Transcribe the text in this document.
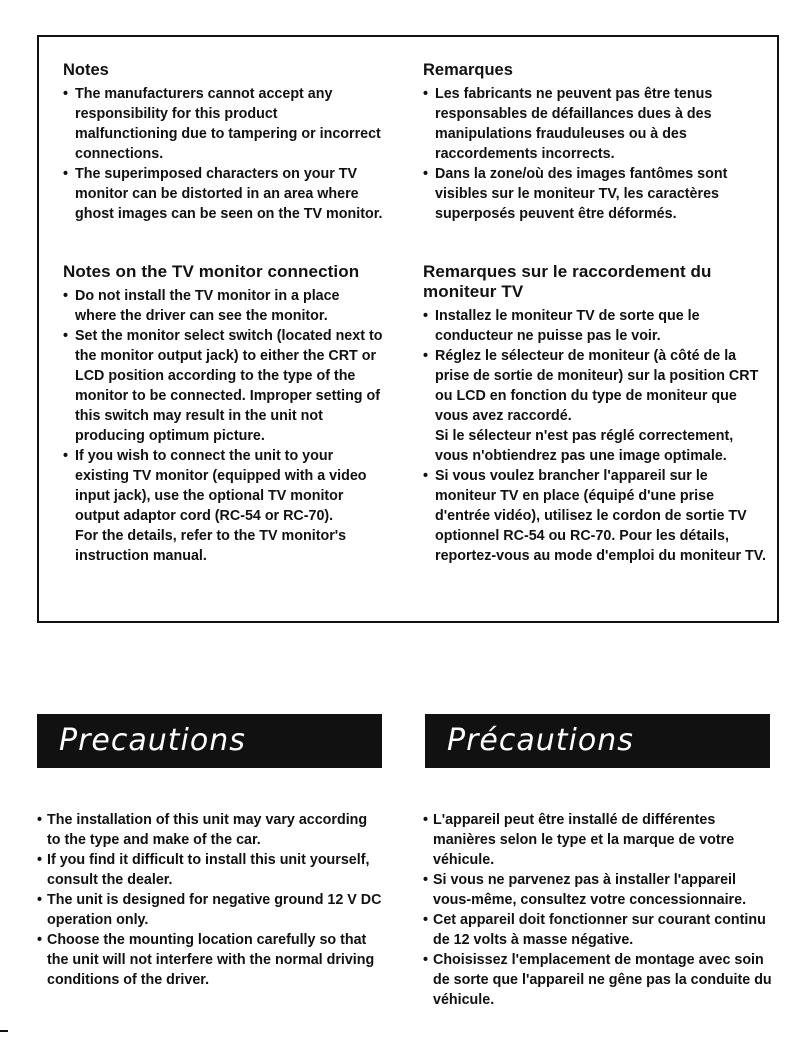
Notes
• The manufacturers cannot accept any responsibility for this product malfunctioning due to tampering or incorrect connections.
• The superimposed characters on your TV monitor can be distorted in an area where ghost images can be seen on the TV monitor.
Remarques
• Les fabricants ne peuvent pas être tenus responsables de défaillances dues à des manipulations frauduleuses ou à des raccordements incorrects.
• Dans la zone/où des images fantômes sont visibles sur le moniteur TV, les caractères superposés peuvent être déformés.
Notes on the TV monitor connection
• Do not install the TV monitor in a place where the driver can see the monitor.
• Set the monitor select switch (located next to the monitor output jack) to either the CRT or LCD position according to the type of the monitor to be connected. Improper setting of this switch may result in the unit not producing optimum picture.
• If you wish to connect the unit to your existing TV monitor (equipped with a video input jack), use the optional TV monitor output adaptor cord (RC-54 or RC-70).
For the details, refer to the TV monitor's instruction manual.
Remarques sur le raccordement du moniteur TV
• Installez le moniteur TV de sorte que le conducteur ne puisse pas le voir.
• Réglez le sélecteur de moniteur (à côté de la prise de sortie de moniteur) sur la position CRT ou LCD en fonction du type de moniteur que vous avez raccordé.
Si le sélecteur n'est pas réglé correctement, vous n'obtiendrez pas une image optimale.
• Si vous voulez brancher l'appareil sur le moniteur TV en place (équipé d'une prise d'entrée vidéo), utilisez le cordon de sortie TV optionnel RC-54 ou RC-70. Pour les détails, reportez-vous au mode d'emploi du moniteur TV.
Precautions	Précautions
• The installation of this unit may vary according to the type and make of the car.
• If you find it difficult to install this unit yourself, consult the dealer.
• The unit is designed for negative ground 12 V DC operation only.
• Choose the mounting location carefully so that the unit will not interfere with the normal driving conditions of the driver.
• L'appareil peut être installé de différentes manières selon le type et la marque de votre véhicule.
• Si vous ne parvenez pas à installer l'appareil vous-même, consultez votre concessionnaire.
• Cet appareil doit fonctionner sur courant continu de 12 volts à masse négative.
• Choisissez l'emplacement de montage avec soin de sorte que l'appareil ne gêne pas la conduite du véhicule.
